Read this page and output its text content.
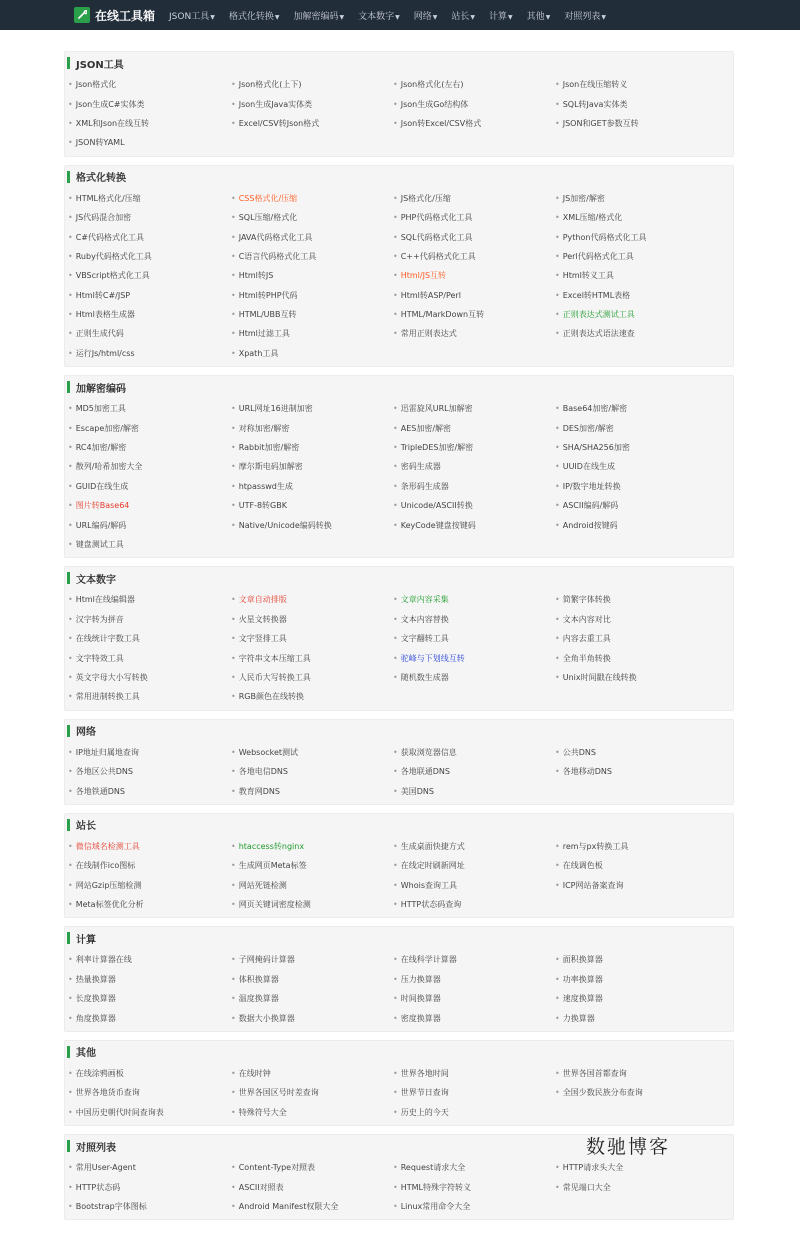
在线工具箱 JSON工具▼ 格式化转换▼ 加解密编码▼ 文本数字▼ 网络▼ 站长▼ 计算▼ 其他▼ 对照列表▼
JSON工具
• Json格式化	• Json格式化(上下)	• Json格式化(左右)	• Json在线压缩转义
• Json生成C#实体类	• Json生成Java实体类	• Json生成Go结构体	• SQL转Java实体类
• XML和Json在线互转	• Excel/CSV转Json格式	• Json转Excel/CSV格式	• JSON和GET参数互转
• JSON转YAML
格式化转换
• HTML格式化/压缩	• CSS格式化/压缩	• JS格式化/压缩	• JS加密/解密
• JS代码混合加密	• SQL压缩/格式化	• PHP代码格式化工具	• XML压缩/格式化
• C#代码格式化工具	• JAVA代码格式化工具	• SQL代码格式化工具	• Python代码格式化工具
• Ruby代码格式化工具	• C语言代码格式化工具	• C++代码格式化工具	• Perl代码格式化工具
• VBScript格式化工具	• Html转JS	• Html/JS互转	• Html转义工具
• Html转C#/JSP	• Html转PHP代码	• Html转ASP/Perl	• Excel转HTML表格
• Html表格生成器	• HTML/UBB互转	• HTML/MarkDown互转	• 正则表达式测试工具
• 正则生成代码	• Html过滤工具	• 常用正则表达式	• 正则表达式语法速查
• 运行Js/html/css	• Xpath工具
加解密编码
• MD5加密工具	• URL网址16进制加密	• 迅雷旋风URL加解密	• Base64加密/解密
• Escape加密/解密	• 对称加密/解密	• AES加密/解密	• DES加密/解密
• RC4加密/解密	• Rabbit加密/解密	• TripleDES加密/解密	• SHA/SHA256加密
• 散列/哈希加密大全	• 摩尔斯电码加解密	• 密码生成器	• UUID在线生成
• GUID在线生成	• htpasswd生成	• 条形码生成器	• IP/数字地址转换
• 图片转Base64	• UTF-8转GBK	• Unicode/ASCII转换	• ASCII编码/解码
• URL编码/解码	• Native/Unicode编码转换	• KeyCode键盘按键码	• Android按键码
• 键盘测试工具
文本数字
• Html在线编辑器	• 文章自动排版	• 文章内容采集	• 简繁字体转换
• 汉字转为拼音	• 火星文转换器	• 文本内容替换	• 文本内容对比
• 在线统计字数工具	• 文字竖排工具	• 文字翻转工具	• 内容去重工具
• 文字特效工具	• 字符串文本压缩工具	• 驼峰与下划线互转	• 全角半角转换
• 英文字母大小写转换	• 人民币大写转换工具	• 随机数生成器	• Unix时间戳在线转换
• 常用进制转换工具	• RGB颜色在线转换
网络
• IP地址归属地查询	• Websocket测试	• 获取浏览器信息	• 公共DNS
• 各地区公共DNS	• 各地电信DNS	• 各地联通DNS	• 各地移动DNS
• 各地铁通DNS	• 教育网DNS	• 美国DNS
站长
• 微信域名检测工具	• htaccess转nginx	• 生成桌面快捷方式	• rem与px转换工具
• 在线制作ico图标	• 生成网页Meta标签	• 在线定时刷新网址	• 在线调色板
• 网站Gzip压缩检测	• 网站死链检测	• Whois查询工具	• ICP网站备案查询
• Meta标签优化分析	• 网页关键词密度检测	• HTTP状态码查询
计算
• 利率计算器在线	• 子网掩码计算器	• 在线科学计算器	• 面积换算器
• 热量换算器	• 体积换算器	• 压力换算器	• 功率换算器
• 长度换算器	• 温度换算器	• 时间换算器	• 速度换算器
• 角度换算器	• 数据大小换算器	• 密度换算器	• 力换算器
其他
• 在线涂鸦画板	• 在线时钟	• 世界各地时间	• 世界各国首都查询
• 世界各地货币查询	• 世界各国区号时差查询	• 世界节日查询	• 全国少数民族分布查询
• 中国历史朝代时间查询表	• 特殊符号大全	• 历史上的今天
对照列表
• 常用User-Agent	• Content-Type对照表	• Request请求大全	• HTTP请求头大全
• HTTP状态码	• ASCII对照表	• HTML特殊字符转义	• 常见端口大全
• Bootstrap字体图标	• Android Manifest权限大全	• Linux常用命令大全
数驰博客
